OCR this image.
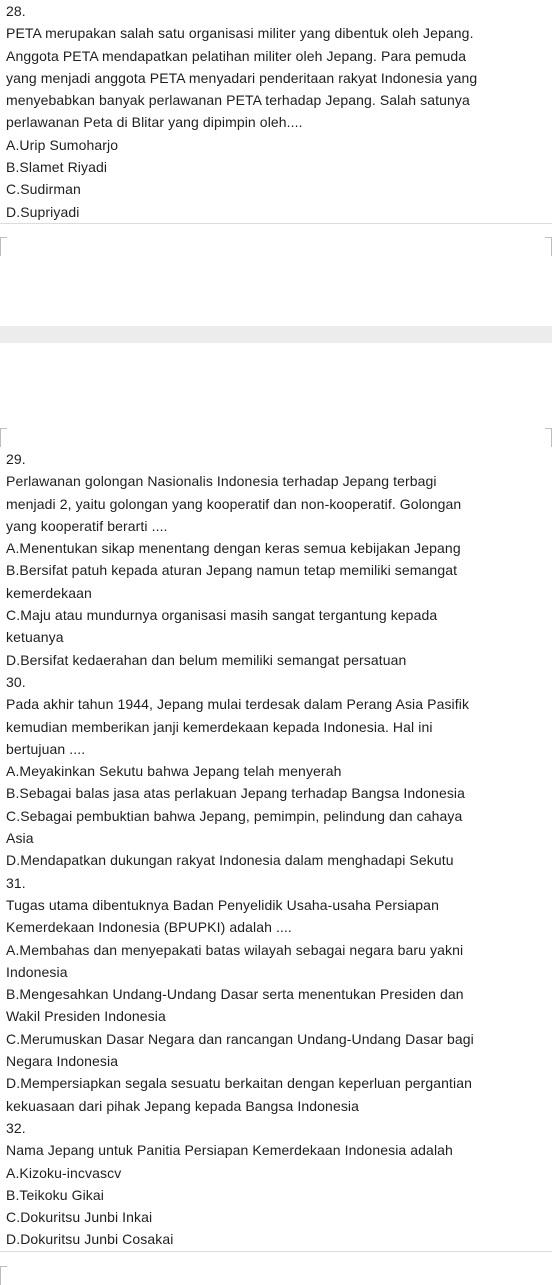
28.
PETA merupakan salah satu organisasi militer yang dibentuk oleh Jepang.
Anggota PETA mendapatkan pelatihan militer oleh Jepang. Para pemuda
yang menjadi anggota PETA menyadari penderitaan rakyat Indonesia yang
menyebabkan banyak perlawanan PETA terhadap Jepang. Salah satunya
perlawanan Peta di Blitar yang dipimpin oleh....
A.Urip Sumoharjo
B.Slamet Riyadi
C.Sudirman
D.Supriyadi
29.
Perlawanan golongan Nasionalis Indonesia terhadap Jepang terbagi
menjadi 2, yaitu golongan yang kooperatif dan non-kooperatif. Golongan
yang kooperatif berarti ....
A.Menentukan sikap menentang dengan keras semua kebijakan Jepang
B.Bersifat patuh kepada aturan Jepang namun tetap memiliki semangat
kemerdekaan
C.Maju atau mundurnya organisasi masih sangat tergantung kepada
ketuanya
D.Bersifat kedaerahan dan belum memiliki semangat persatuan
30.
Pada akhir tahun 1944, Jepang mulai terdesak dalam Perang Asia Pasifik
kemudian memberikan janji kemerdekaan kepada Indonesia. Hal ini
bertujuan ....
A.Meyakinkan Sekutu bahwa Jepang telah menyerah
B.Sebagai balas jasa atas perlakuan Jepang terhadap Bangsa Indonesia
C.Sebagai pembuktian bahwa Jepang, pemimpin, pelindung dan cahaya
Asia
D.Mendapatkan dukungan rakyat Indonesia dalam menghadapi Sekutu
31.
Tugas utama dibentuknya Badan Penyelidik Usaha-usaha Persiapan
Kemerdekaan Indonesia (BPUPKI) adalah ....
A.Membahas dan menyepakati batas wilayah sebagai negara baru yakni
Indonesia
B.Mengesahkan Undang-Undang Dasar serta menentukan Presiden dan
Wakil Presiden Indonesia
C.Merumuskan Dasar Negara dan rancangan Undang-Undang Dasar bagi
Negara Indonesia
D.Mempersiapkan segala sesuatu berkaitan dengan keperluan pergantian
kekuasaan dari pihak Jepang kepada Bangsa Indonesia
32.
Nama Jepang untuk Panitia Persiapan Kemerdekaan Indonesia adalah
A.Kizoku-incvascv
B.Teikoku Gikai
C.Dokuritsu Junbi Inkai
D.Dokuritsu Junbi Cosakai
